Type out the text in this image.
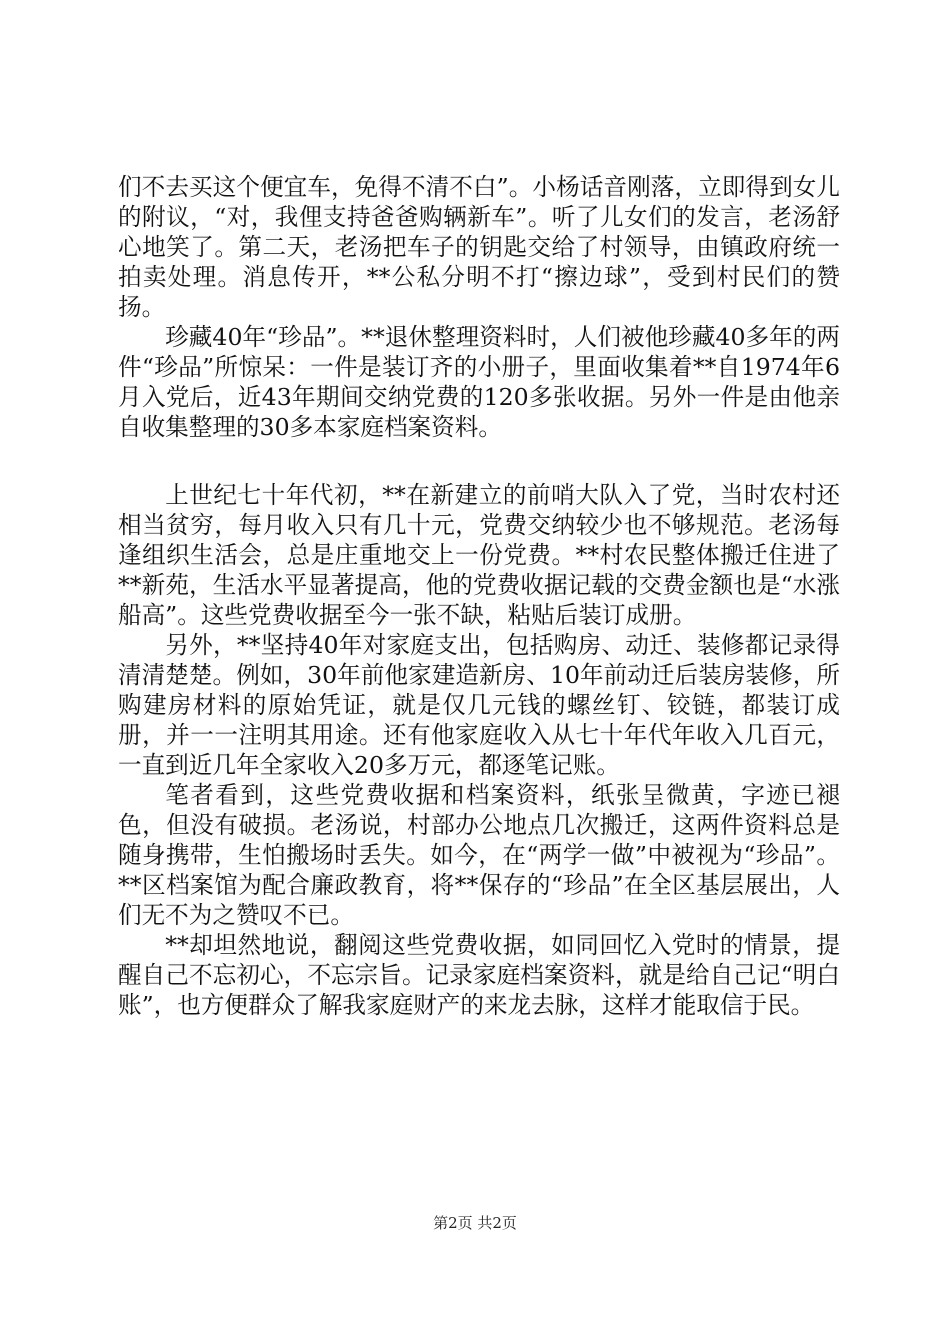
们不去买这个便宜车，免得不清不白”。小杨话音刚落，立即得到女儿的附议，“对，我俚支持爸爸购辆新车”。听了儿女们的发言，老汤舒心地笑了。第二天，老汤把车子的钥匙交给了村领导，由镇政府统一拍卖处理。消息传开，**公私分明不打“擦边球”，受到村民们的赞扬。

珍藏40年“珍品”。**退休整理资料时，人们被他珍藏40多年的两件“珍品”所惊呆：一件是装订齐的小册子，里面收集着**自1974年6月入党后，近43年期间交纳党费的120多张收据。另外一件是由他亲自收集整理的30多本家庭档案资料。

上世纪七十年代初，**在新建立的前哨大队入了党，当时农村还相当贫穷，每月收入只有几十元，党费交纳较少也不够规范。老汤每逢组织生活会，总是庄重地交上一份党费。**村农民整体搬迁住进了**新苑，生活水平显著提高，他的党费收据记载的交费金额也是“水涨船高”。这些党费收据至今一张不缺，粘贴后装订成册。

另外，**坚持40年对家庭支出，包括购房、动迁、装修都记录得清清楚楚。例如，30年前他家建造新房、10年前动迁后装房装修，所购建房材料的原始凭证，就是仅几元钱的螺丝钉、铰链，都装订成册，并一一注明其用途。还有他家庭收入从七十年代年收入几百元，一直到近几年全家收入20多万元，都逐笔记账。

笔者看到，这些党费收据和档案资料，纸张呈微黄，字迹已褪色，但没有破损。老汤说，村部办公地点几次搬迁，这两件资料总是随身携带，生怕搬场时丢失。如今，在“两学一做”中被视为“珍品”。**区档案馆为配合廉政教育，将**保存的“珍品”在全区基层展出，人们无不为之赞叹不已。

**却坦然地说，翻阅这些党费收据，如同回忆入党时的情景，提醒自己不忘初心，不忘宗旨。记录家庭档案资料，就是给自己记“明白账”，也方便群众了解我家庭财产的来龙去脉，这样才能取信于民。

第2页 共2页
